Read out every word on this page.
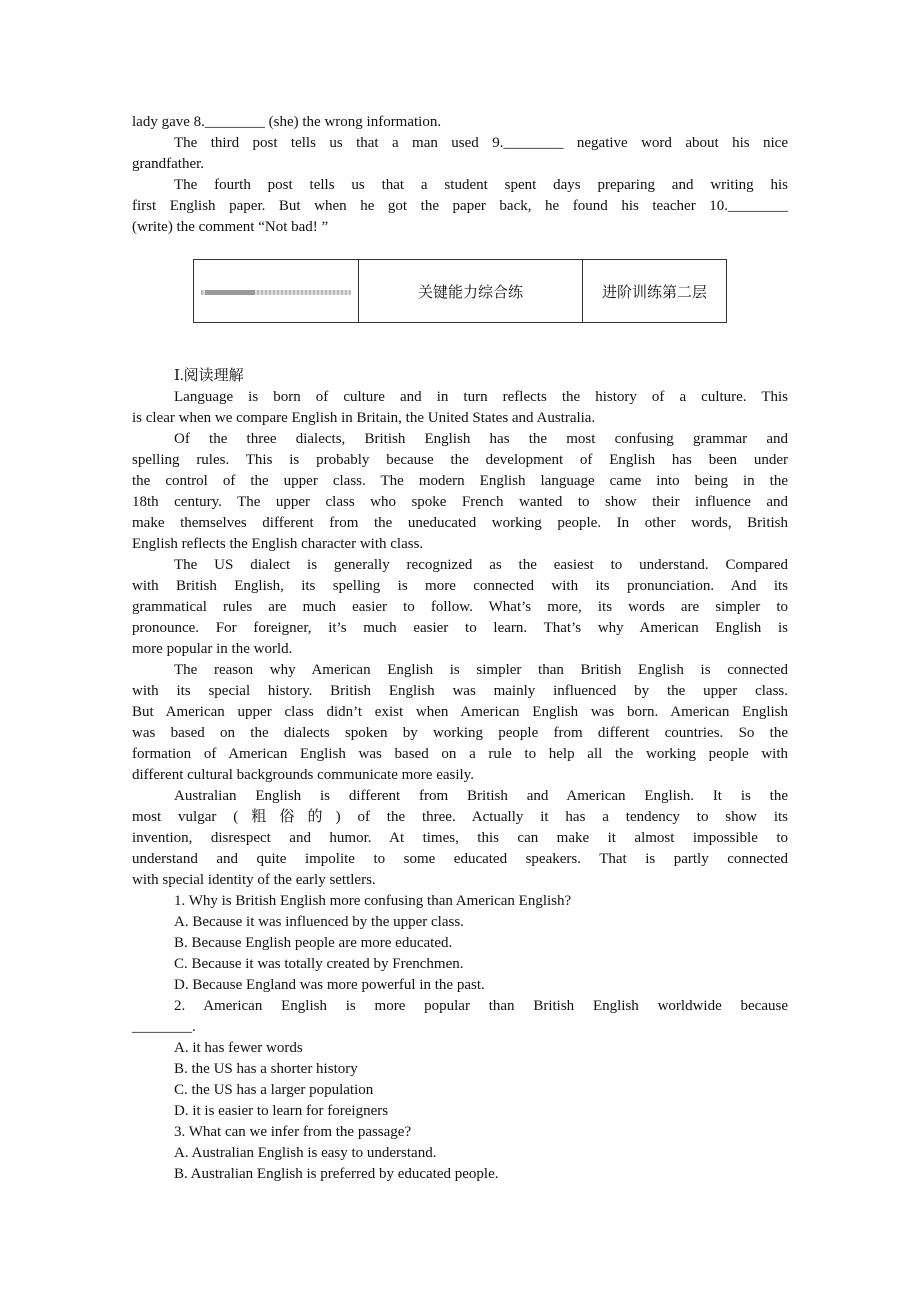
lady gave 8.________ (she) the wrong information.
The third post tells us that a man used 9.________ negative word about his nice
grandfather.
The fourth post tells us that a student spent days preparing and writing his
first English paper. But when he got the paper back, he found his teacher 10.________
(write) the comment “Not bad! ”
	关键能力综合练	进阶训练第二层
Ⅰ.阅读理解
Language is born of culture and in turn reflects the history of a culture. This
is clear when we compare English in Britain, the United States and Australia.
Of the three dialects, British English has the most confusing grammar and
spelling rules. This is probably because the development of English has been under
the control of the upper class. The modern English language came into being in the
18th century. The upper class who spoke French wanted to show their influence and
make themselves different from the uneducated working people. In other words, British
English reflects the English character with class.
The US dialect is generally recognized as the easiest to understand. Compared
with British English, its spelling is more connected with its pronunciation. And its
grammatical rules are much easier to follow. What’s more, its words are simpler to
pronounce. For foreigner, it’s much easier to learn. That’s why American English is
more popular in the world.
The reason why American English is simpler than British English is connected
with its special history. British English was mainly influenced by the upper class.
But American upper class didn’t exist when American English was born. American English
was based on the dialects spoken by working people from different countries. So the
formation of American English was based on a rule to help all the working people with
different cultural backgrounds communicate more easily.
Australian English is different from British and American English. It is the
most vulgar (粗俗的) of the three. Actually it has a tendency to show its
invention, disrespect and humor. At times, this can make it almost impossible to
understand and quite impolite to some educated speakers. That is partly connected
with special identity of the early settlers.
1. Why is British English more confusing than American English?
A. Because it was influenced by the upper class.
B. Because English people are more educated.
C. Because it was totally created by Frenchmen.
D. Because England was more powerful in the past.
2. American English is more popular than British English worldwide because
________.
A. it has fewer words
B. the US has a shorter history
C. the US has a larger population
D. it is easier to learn for foreigners
3. What can we infer from the passage?
A. Australian English is easy to understand.
B. Australian English is preferred by educated people.
